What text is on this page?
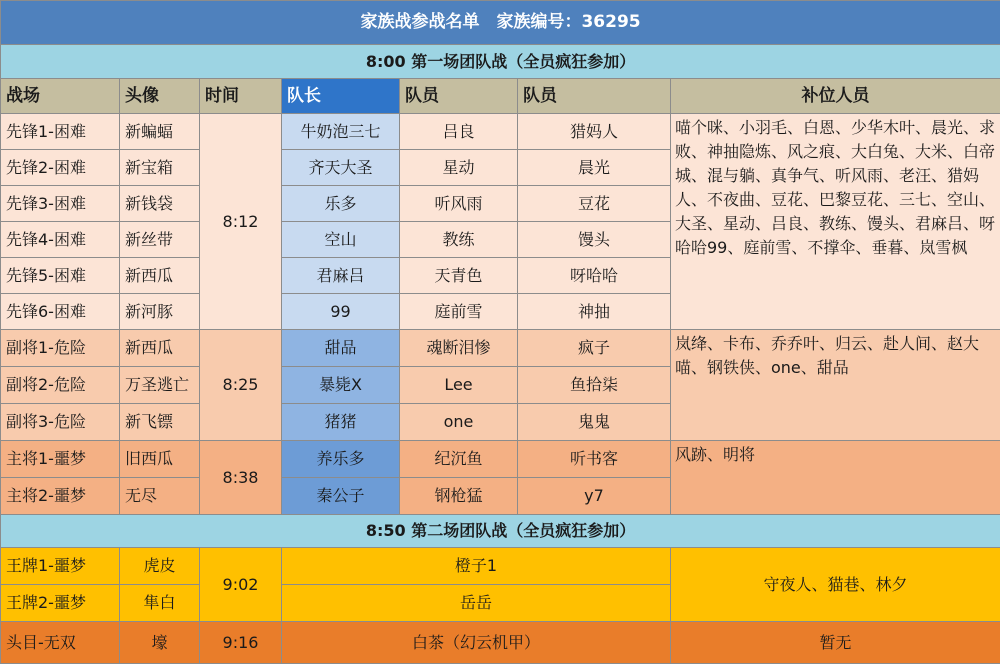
家族战参战名单　家族编号：36295						
8:00 第一场团队战（全员疯狂参加）						
战场	头像	时间	队长	队员	队员	补位人员
先锋1-困难	新蝙蝠	8:12	牛奶泡三七	吕良	猎妈人	喵个咪、小羽毛、白恩、少华木叶、晨光、求败、神抽隐炼、风之痕、大白兔、大米、白帝城、混与躺、真争气、听风雨、老汪、猎妈人、不夜曲、豆花、巴黎豆花、三七、空山、大圣、星动、吕良、教练、馒头、君麻吕、呀哈哈99、庭前雪、不撑伞、垂暮、岚雪枫
先锋2-困难	新宝箱		齐天大圣	星动	晨光	
先锋3-困难	新钱袋		乐多	听风雨	豆花	
先锋4-困难	新丝带		空山	教练	馒头	
先锋5-困难	新西瓜		君麻吕	天青色	呀哈哈	
先锋6-困难	新河豚		99	庭前雪	神抽	
副将1-危险	新西瓜	8:25	甜品	魂断泪惨	疯子	岚绛、卡布、乔乔叶、归云、赴人间、赵大喵、钢铁侠、one、甜品
副将2-危险	万圣逃亡		暴毙X	Lee	鱼拾柒	
副将3-危险	新飞镖		猪猪	one	鬼鬼	
主将1-噩梦	旧西瓜	8:38	养乐多	纪沉鱼	听书客	风跡、明将
主将2-噩梦	无尽		秦公子	钢枪猛	y7	
8:50 第二场团队战（全员疯狂参加）						
王牌1-噩梦	虎皮	9:02	橙子1			守夜人、猫巷、林夕
王牌2-噩梦	隼白		岳岳			
头目-无双	壕	9:16	白茶（幻云机甲）			暂无
